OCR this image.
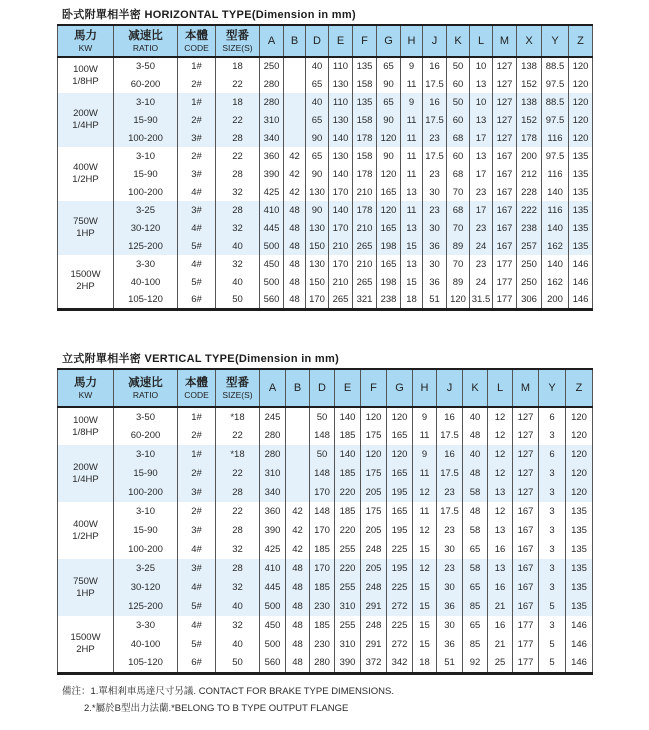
卧式附單相半密 HORIZONTAL TYPE(Dimension in mm)
馬力
KW

减速比
RATIO

本體
CODE

型番
SIZE(S)
	A	B	D	E	F	G	H	J	K	L	M	X	Y	Z

100W
1/8HP	3-50	1#	18	250		40	110	135	65	9	16	50	10	127	138	88.5	120
	60-200	2#	22	280		65	130	158	90	11	17.5	60	13	127	152	97.5	120

200W
1/4HP	3-10	1#	18	280		40	110	135	65	9	16	50	10	127	138	88.5	120
	15-90	2#	22	310		65	130	158	90	11	17.5	60	13	127	152	97.5	120
	100-200	3#	28	340		90	140	178	120	11	23	68	17	127	178	116	120

400W
1/2HP	3-10	2#	22	360	42	65	130	158	90	11	17.5	60	13	167	200	97.5	135
	15-90	3#	28	390	42	90	140	178	120	11	23	68	17	167	212	116	135
	100-200	4#	32	425	42	130	170	210	165	13	30	70	23	167	228	140	135

750W
1HP	3-25	3#	28	410	48	90	140	178	120	11	23	68	17	167	222	116	135
	30-120	4#	32	445	48	130	170	210	165	13	30	70	23	167	238	140	135
	125-200	5#	40	500	48	150	210	265	198	15	36	89	24	167	257	162	135

1500W
2HP	3-30	4#	32	450	48	130	170	210	165	13	30	70	23	177	250	140	146
	40-100	5#	40	500	48	150	210	265	198	15	36	89	24	177	250	162	146
	105-120	6#	50	560	48	170	265	321	238	18	51	120	31.5	177	306	200	146
立式附單相半密 VERTICAL TYPE(Dimension in mm)
馬力
KW

减速比
RATIO

本體
CODE

型番
SIZE(S)
	A	B	D	E	F	G	H	J	K	L	M	Y	Z

100W
1/8HP	3-50	1#	*18	245		50	140	120	120	9	16	40	12	127	6	120
	60-200	2#	22	280		148	185	175	165	11	17.5	48	12	127	3	120

200W
1/4HP	3-10	1#	*18	280		50	140	120	120	9	16	40	12	127	6	120
	15-90	2#	22	310		148	185	175	165	11	17.5	48	12	127	3	120
	100-200	3#	28	340		170	220	205	195	12	23	58	13	127	3	120

400W
1/2HP	3-10	2#	22	360	42	148	185	175	165	11	17.5	48	12	167	3	135
	15-90	3#	28	390	42	170	220	205	195	12	23	58	13	167	3	135
	100-200	4#	32	425	42	185	255	248	225	15	30	65	16	167	3	135

750W
1HP	3-25	3#	28	410	48	170	220	205	195	12	23	58	13	167	3	135
	30-120	4#	32	445	48	185	255	248	225	15	30	65	16	167	3	135
	125-200	5#	40	500	48	230	310	291	272	15	36	85	21	167	5	135

1500W
2HP	3-30	4#	32	450	48	185	255	248	225	15	30	65	16	177	3	146
	40-100	5#	40	500	48	230	310	291	272	15	36	85	21	177	5	146
	105-120	6#	50	560	48	280	390	372	342	18	51	92	25	177	5	146
備注：1.單相剎車馬達尺寸另議. CONTACT FOR BRAKE TYPE DIMENSIONS.
2.*屬於B型出力法蘭.*BELONG TO B TYPE OUTPUT FLANGE
